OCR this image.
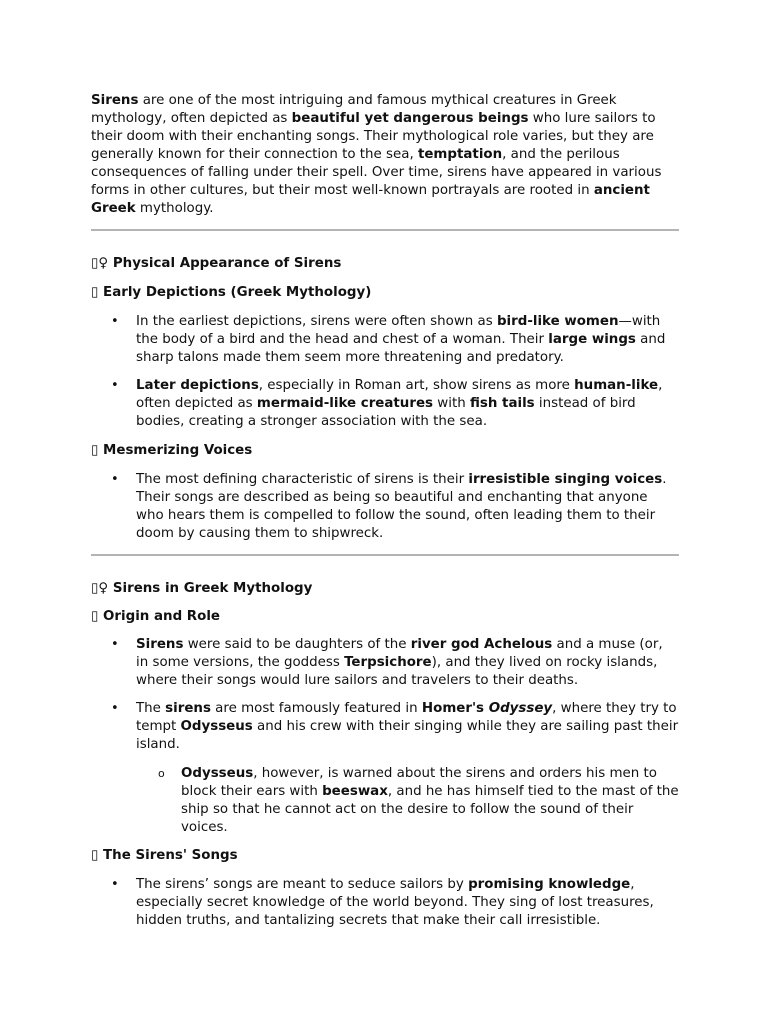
Sirens are one of the most intriguing and famous mythical creatures in Greek mythology, often depicted as beautiful yet dangerous beings who lure sailors to their doom with their enchanting songs. Their mythological role varies, but they are generally known for their connection to the sea, temptation, and the perilous consequences of falling under their spell. Over time, sirens have appeared in various forms in other cultures, but their most well-known portrayals are rooted in ancient Greek mythology.

▯♀ Physical Appearance of Sirens
▯ Early Depictions (Greek Mythology)
• In the earliest depictions, sirens were often shown as bird-like women—with the body of a bird and the head and chest of a woman. Their large wings and sharp talons made them seem more threatening and predatory.
• Later depictions, especially in Roman art, show sirens as more human-like, often depicted as mermaid-like creatures with fish tails instead of bird bodies, creating a stronger association with the sea.
▯ Mesmerizing Voices
• The most defining characteristic of sirens is their irresistible singing voices. Their songs are described as being so beautiful and enchanting that anyone who hears them is compelled to follow the sound, often leading them to their doom by causing them to shipwreck.
▯♀ Sirens in Greek Mythology
▯ Origin and Role
• Sirens were said to be daughters of the river god Achelous and a muse (or, in some versions, the goddess Terpsichore), and they lived on rocky islands, where their songs would lure sailors and travelers to their deaths.
• The sirens are most famously featured in Homer's Odyssey, where they try to tempt Odysseus and his crew with their singing while they are sailing past their island.
o Odysseus, however, is warned about the sirens and orders his men to block their ears with beeswax, and he has himself tied to the mast of the ship so that he cannot act on the desire to follow the sound of their voices.
▯ The Sirens' Songs
• The sirens’ songs are meant to seduce sailors by promising knowledge, especially secret knowledge of the world beyond. They sing of lost treasures, hidden truths, and tantalizing secrets that make their call irresistible.
